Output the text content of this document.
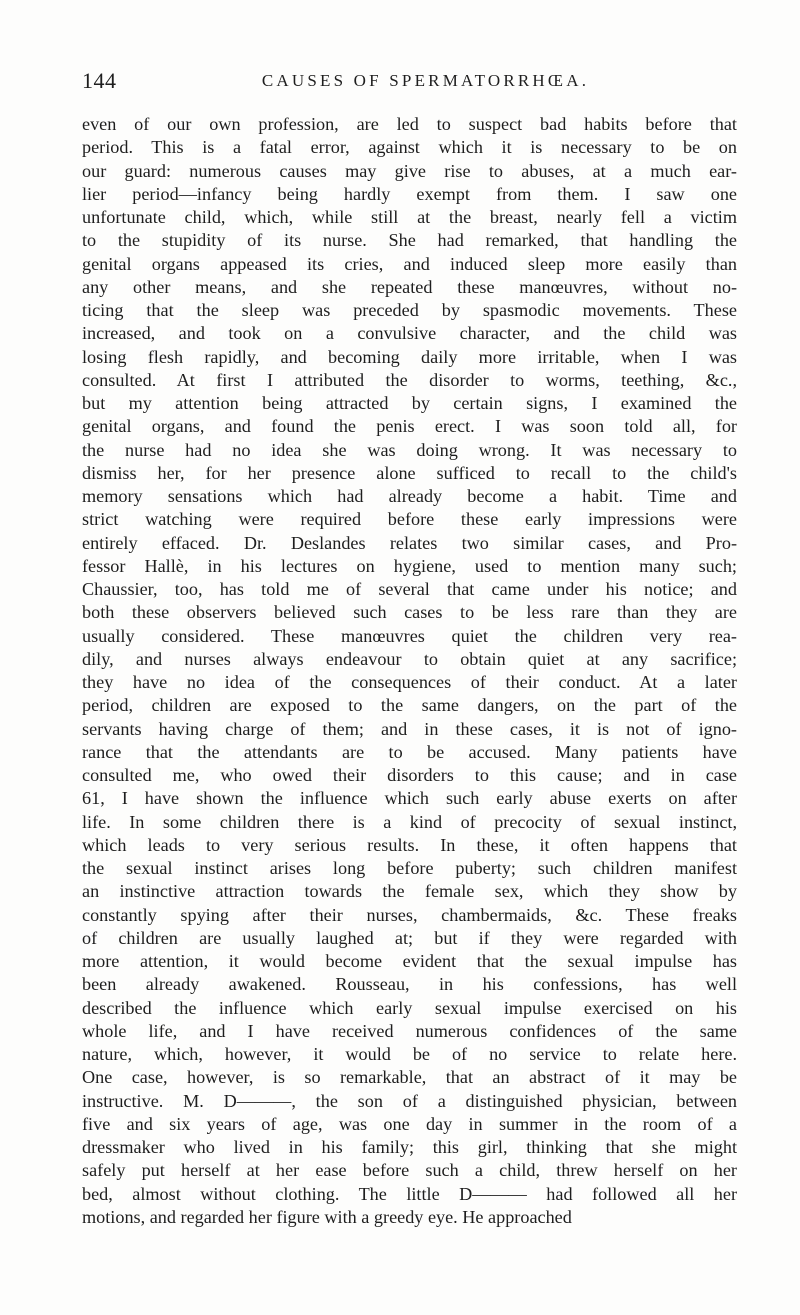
144	CAUSES OF SPERMATORRHŒA.
even of our own profession, are led to suspect bad habits before that
period. This is a fatal error, against which it is necessary to be on
our guard: numerous causes may give rise to abuses, at a much ear-
lier period—infancy being hardly exempt from them. I saw one
unfortunate child, which, while still at the breast, nearly fell a victim
to the stupidity of its nurse. She had remarked, that handling the
genital organs appeased its cries, and induced sleep more easily than
any other means, and she repeated these manœuvres, without no-
ticing that the sleep was preceded by spasmodic movements. These
increased, and took on a convulsive character, and the child was
losing flesh rapidly, and becoming daily more irritable, when I was
consulted. At first I attributed the disorder to worms, teething, &c.,
but my attention being attracted by certain signs, I examined the
genital organs, and found the penis erect. I was soon told all, for
the nurse had no idea she was doing wrong. It was necessary to
dismiss her, for her presence alone sufficed to recall to the child's
memory sensations which had already become a habit. Time and
strict watching were required before these early impressions were
entirely effaced. Dr. Deslandes relates two similar cases, and Pro-
fessor Hallè, in his lectures on hygiene, used to mention many such;
Chaussier, too, has told me of several that came under his notice; and
both these observers believed such cases to be less rare than they are
usually considered. These manœuvres quiet the children very rea-
dily, and nurses always endeavour to obtain quiet at any sacrifice;
they have no idea of the consequences of their conduct. At a later
period, children are exposed to the same dangers, on the part of the
servants having charge of them; and in these cases, it is not of igno-
rance that the attendants are to be accused. Many patients have
consulted me, who owed their disorders to this cause; and in case
61, I have shown the influence which such early abuse exerts on after
life. In some children there is a kind of precocity of sexual instinct,
which leads to very serious results. In these, it often happens that
the sexual instinct arises long before puberty; such children manifest
an instinctive attraction towards the female sex, which they show by
constantly spying after their nurses, chambermaids, &c. These freaks
of children are usually laughed at; but if they were regarded with
more attention, it would become evident that the sexual impulse has
been already awakened. Rousseau, in his confessions, has well
described the influence which early sexual impulse exercised on his
whole life, and I have received numerous confidences of the same
nature, which, however, it would be of no service to relate here.
One case, however, is so remarkable, that an abstract of it may be
instructive. M. D———, the son of a distinguished physician, between
five and six years of age, was one day in summer in the room of a
dressmaker who lived in his family; this girl, thinking that she might
safely put herself at her ease before such a child, threw herself on her
bed, almost without clothing. The little D——— had followed all her
motions, and regarded her figure with a greedy eye. He approached
